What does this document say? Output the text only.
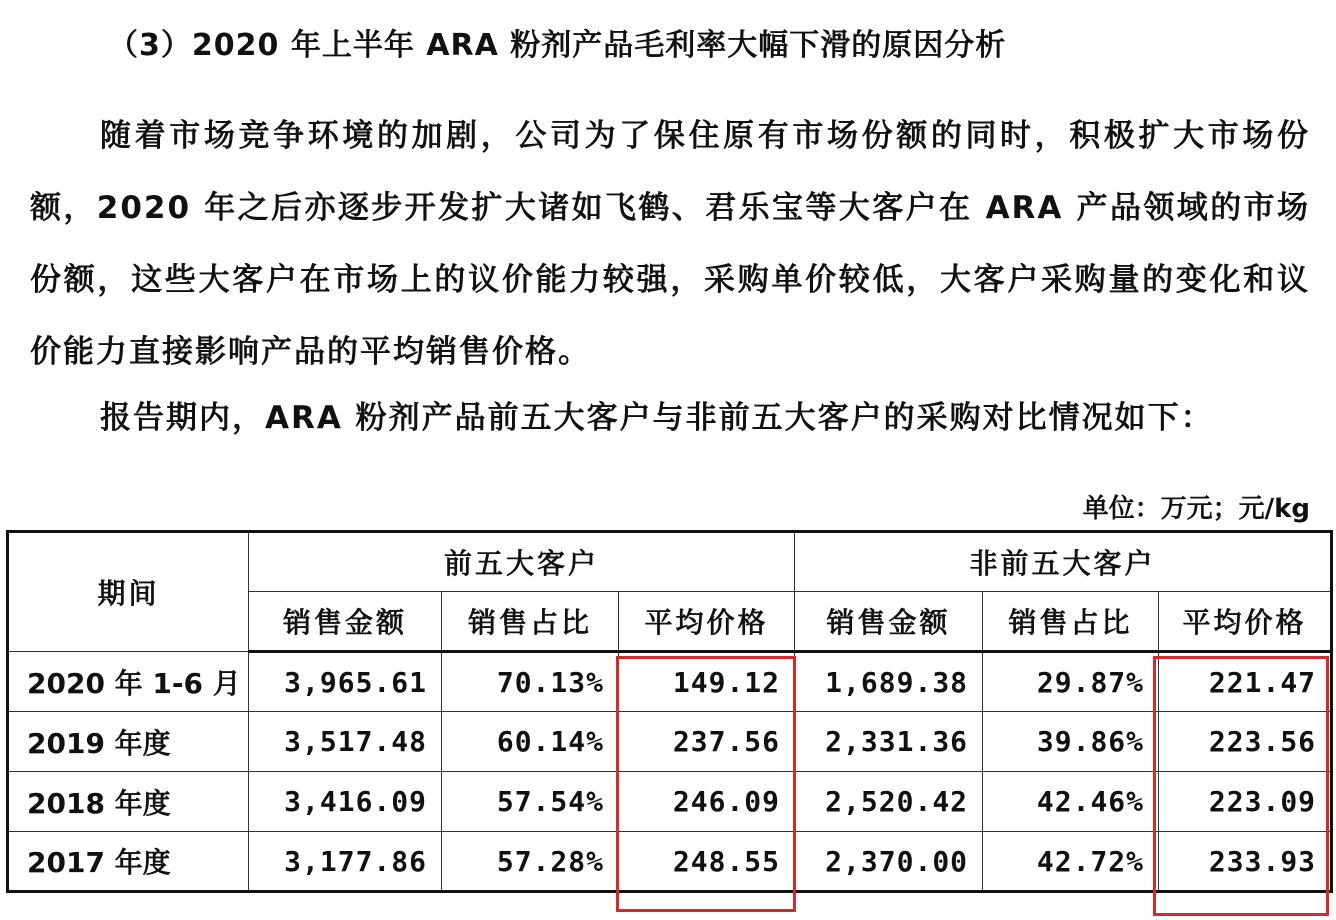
（3）2020 年上半年 ARA 粉剂产品毛利率大幅下滑的原因分析

随着市场竞争环境的加剧，公司为了保住原有市场份额的同时，积极扩大市场份额，2020 年之后亦逐步开发扩大诸如飞鹤、君乐宝等大客户在 ARA 产品领域的市场份额，这些大客户在市场上的议价能力较强，采购单价较低，大客户采购量的变化和议价能力直接影响产品的平均销售价格。

报告期内，ARA 粉剂产品前五大客户与非前五大客户的采购对比情况如下：

单位：万元；元/kg
期间	前五大客户			非前五大客户		
	销售金额	销售占比	平均价格	销售金额	销售占比	平均价格
2020 年 1-6 月	3,965.61	70.13%	149.12	1,689.38	29.87%	221.47
2019 年度	3,517.48	60.14%	237.56	2,331.36	39.86%	223.56
2018 年度	3,416.09	57.54%	246.09	2,520.42	42.46%	223.09
2017 年度	3,177.86	57.28%	248.55	2,370.00	42.72%	233.93
